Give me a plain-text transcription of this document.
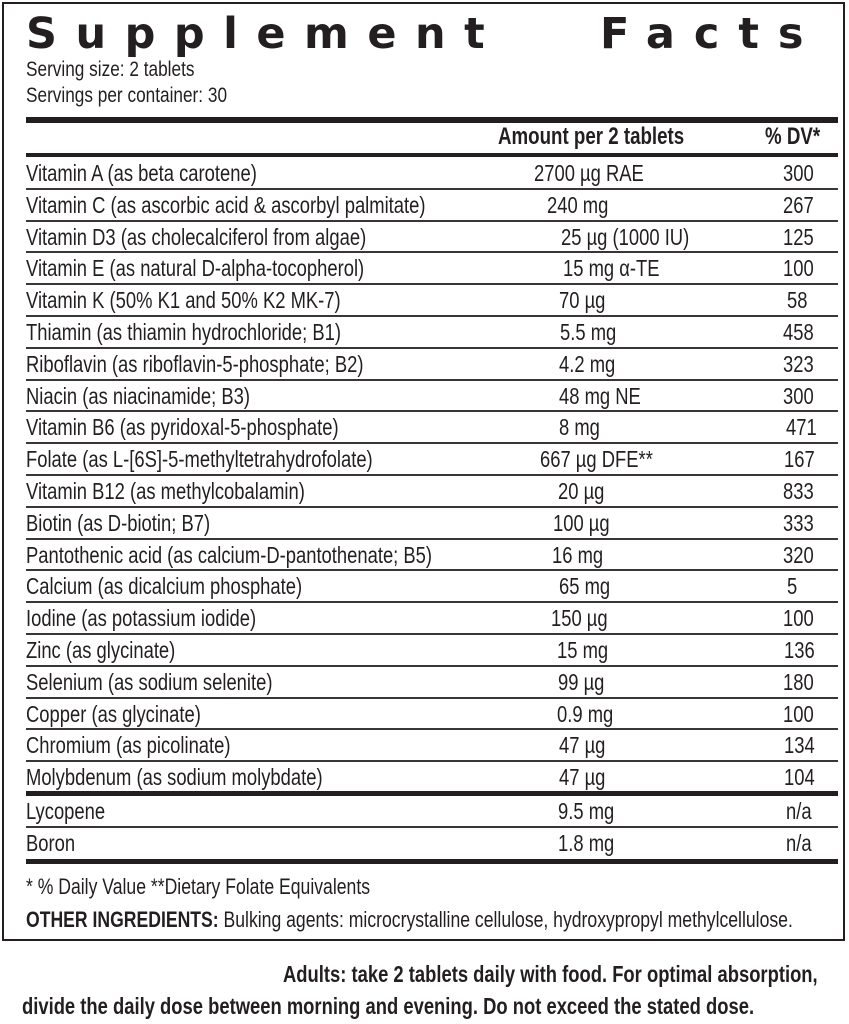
Supplement Facts
Serving size: 2 tablets
Servings per container: 30
Amount per 2 tablets	% DV*
Vitamin A (as beta carotene)	2700 µg RAE	300
Vitamin C (as ascorbic acid & ascorbyl palmitate)	240 mg	267
Vitamin D3 (as cholecalciferol from algae)	25 µg (1000 IU)	125
Vitamin E (as natural D-alpha-tocopherol)	15 mg α-TE	100
Vitamin K (50% K1 and 50% K2 MK-7)	70 µg	58
Thiamin (as thiamin hydrochloride; B1)	5.5 mg	458
Riboflavin (as riboflavin-5-phosphate; B2)	4.2 mg	323
Niacin (as niacinamide; B3)	48 mg NE	300
Vitamin B6 (as pyridoxal-5-phosphate)	8 mg	471
Folate (as L-[6S]-5-methyltetrahydrofolate)	667 µg DFE**	167
Vitamin B12 (as methylcobalamin)	20 µg	833
Biotin (as D-biotin; B7)	100 µg	333
Pantothenic acid (as calcium-D-pantothenate; B5)	16 mg	320
Calcium (as dicalcium phosphate)	65 mg	5
Iodine (as potassium iodide)	150 µg	100
Zinc (as glycinate)	15 mg	136
Selenium (as sodium selenite)	99 µg	180
Copper (as glycinate)	0.9 mg	100
Chromium (as picolinate)	47 µg	134
Molybdenum (as sodium molybdate)	47 µg	104
Lycopene	9.5 mg	n/a
Boron	1.8 mg	n/a
* % Daily Value **Dietary Folate Equivalents
OTHER INGREDIENTS: Bulking agents: microcrystalline cellulose, hydroxypropyl methylcellulose.
Adults: take 2 tablets daily with food. For optimal absorption,
divide the daily dose between morning and evening. Do not exceed the stated dose.
